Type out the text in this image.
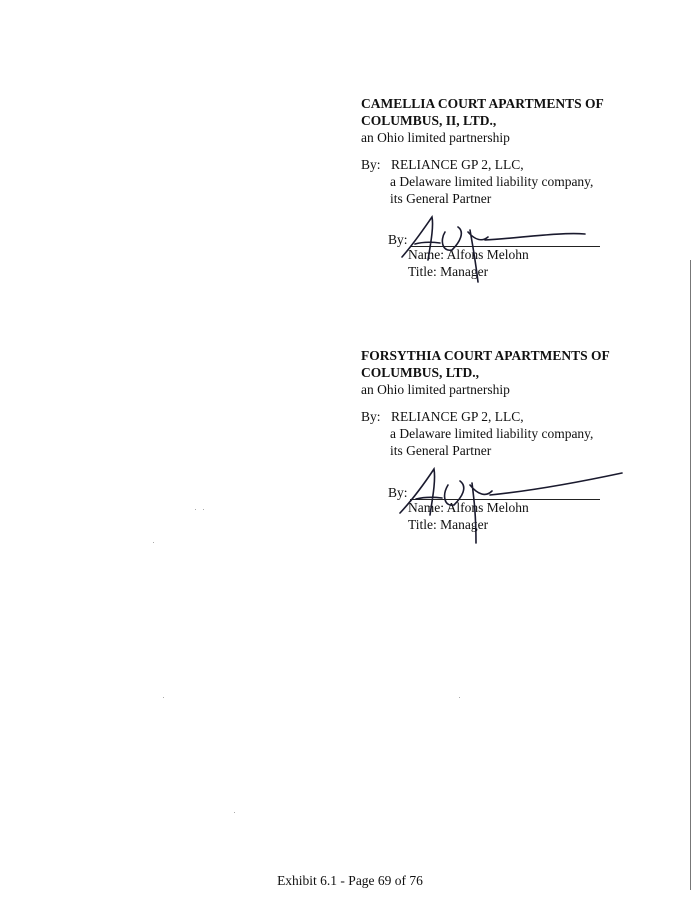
CAMELLIA COURT APARTMENTS OF
COLUMBUS, II, LTD.,
an Ohio limited partnership
By: RELIANCE GP 2, LLC,
a Delaware limited liability company,
its General Partner
By:
Name: Alfons Melohn
Title: Manager
FORSYTHIA COURT APARTMENTS OF
COLUMBUS, LTD.,
an Ohio limited partnership
By: RELIANCE GP 2, LLC,
a Delaware limited liability company,
its General Partner
By:
Name: Alfons Melohn
Title: Manager
Exhibit 6.1 - Page 69 of 76
